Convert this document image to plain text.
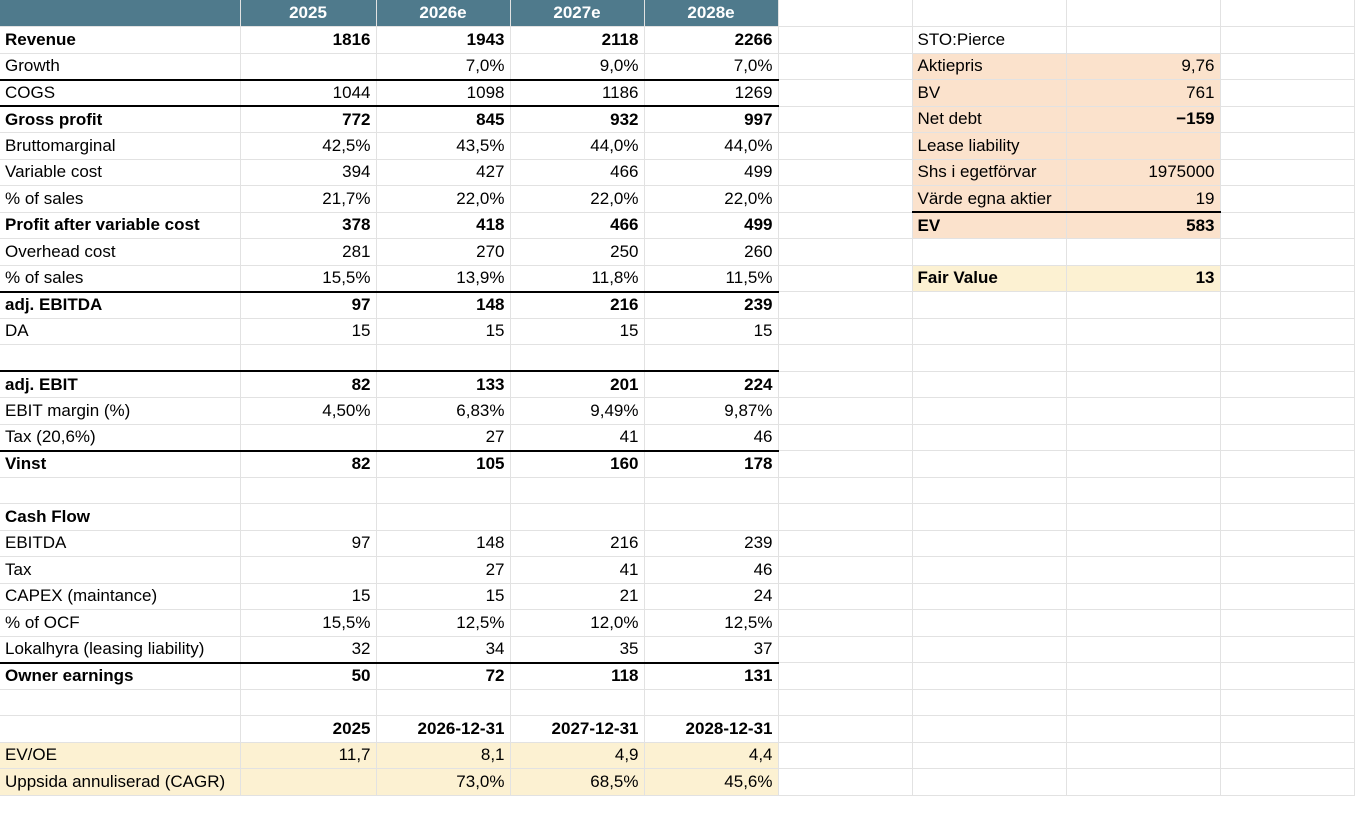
	2025	2026e	2027e	2028e				
Revenue	1816	1943	2118	2266		STO:Pierce		
Growth		7,0%	9,0%	7,0%		Aktiepris	9,76	
COGS	1044	1098	1186	1269		BV	761	
Gross profit	772	845	932	997		Net debt	−159	
Bruttomarginal	42,5%	43,5%	44,0%	44,0%		Lease liability		
Variable cost	394	427	466	499		Shs i egetförvar	1975000	
% of sales	21,7%	22,0%	22,0%	22,0%		Värde egna aktier	19	
Profit after variable cost	378	418	466	499		EV	583	
Overhead cost	281	270	250	260				
% of sales	15,5%	13,9%	11,8%	11,5%		Fair Value	13	
adj. EBITDA	97	148	216	239				
DA	15	15	15	15				

adj. EBIT	82	133	201	224				
EBIT margin (%)	4,50%	6,83%	9,49%	9,87%				
Tax (20,6%)		27	41	46				
Vinst	82	105	160	178				

Cash Flow								
EBITDA	97	148	216	239				
Tax		27	41	46				
CAPEX (maintance)	15	15	21	24				
% of OCF	15,5%	12,5%	12,0%	12,5%				
Lokalhyra (leasing liability)	32	34	35	37				
Owner earnings	50	72	118	131				

	2025	2026-12-31	2027-12-31	2028-12-31				
EV/OE	11,7	8,1	4,9	4,4				
Uppsida annuliserad (CAGR)		73,0%	68,5%	45,6%				
